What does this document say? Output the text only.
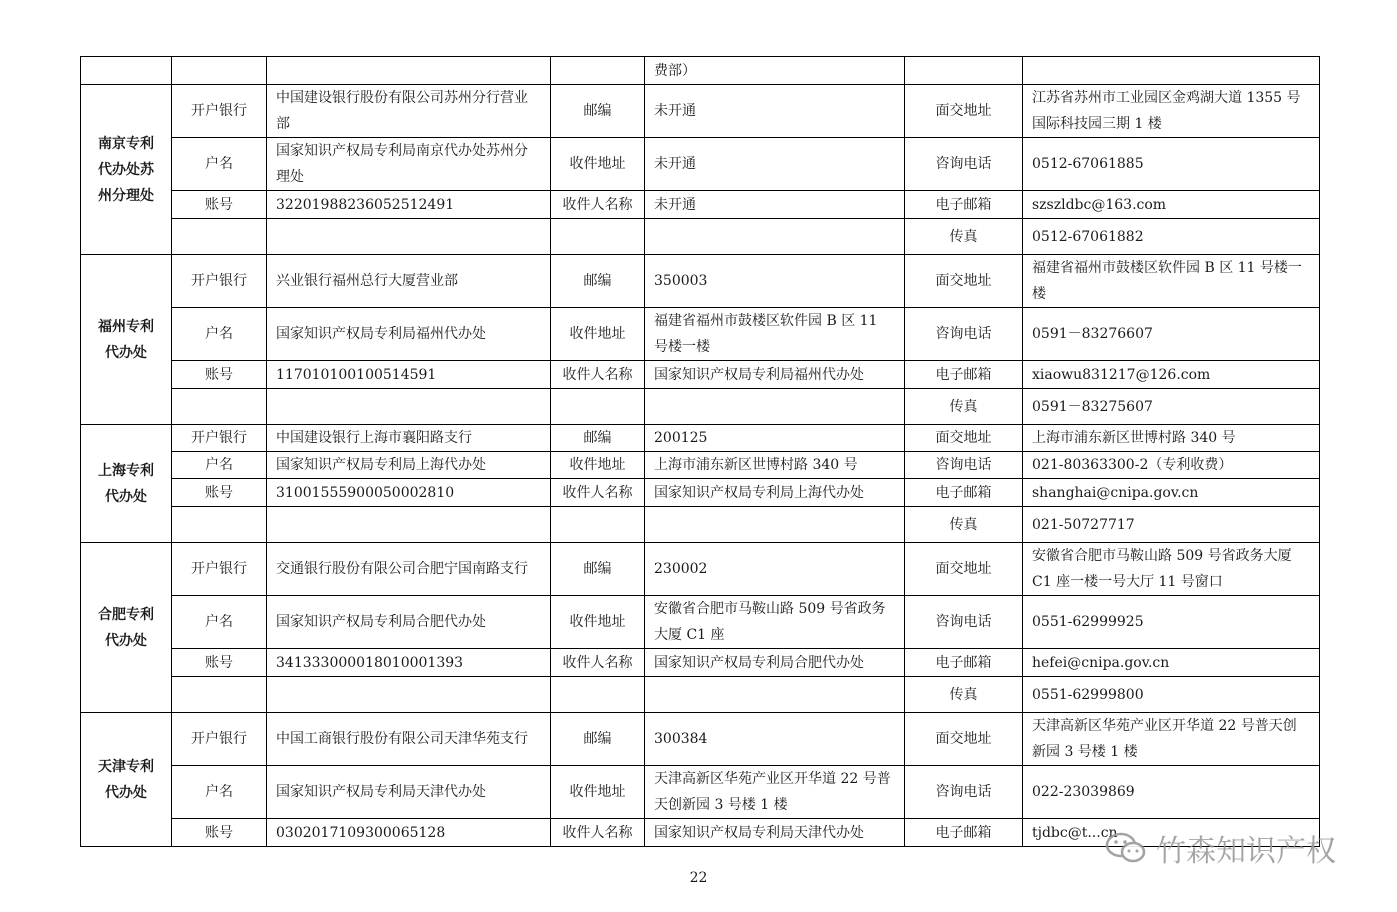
				费部）		
南京专利
代办处苏
州分理处	开户银行	中国建设银行股份有限公司苏州分行营业部	邮编	未开通	面交地址	江苏省苏州市工业园区金鸡湖大道 1355 号国际科技园三期 1 楼
	户名	国家知识产权局专利局南京代办处苏州分理处	收件地址	未开通	咨询电话	0512-67061885
	账号	32201988236052512491	收件人名称	未开通	电子邮箱	szszldbc@163.com
					传真	0512-67061882
福州专利
代办处	开户银行	兴业银行福州总行大厦营业部	邮编	350003	面交地址	福建省福州市鼓楼区软件园 B 区 11 号楼一楼
	户名	国家知识产权局专利局福州代办处	收件地址	福建省福州市鼓楼区软件园 B 区 11 号楼一楼	咨询电话	0591－83276607
	账号	117010100100514591	收件人名称	国家知识产权局专利局福州代办处	电子邮箱	xiaowu831217@126.com
					传真	0591－83275607
上海专利
代办处	开户银行	中国建设银行上海市襄阳路支行	邮编	200125	面交地址	上海市浦东新区世博村路 340 号
	户名	国家知识产权局专利局上海代办处	收件地址	上海市浦东新区世博村路 340 号	咨询电话	021-80363300-2（专利收费）
	账号	31001555900050002810	收件人名称	国家知识产权局专利局上海代办处	电子邮箱	shanghai@cnipa.gov.cn
					传真	021-50727717
合肥专利
代办处	开户银行	交通银行股份有限公司合肥宁国南路支行	邮编	230002	面交地址	安徽省合肥市马鞍山路 509 号省政务大厦 C1 座一楼一号大厅 11 号窗口
	户名	国家知识产权局专利局合肥代办处	收件地址	安徽省合肥市马鞍山路 509 号省政务大厦 C1 座	咨询电话	0551-62999925
	账号	341333000018010001393	收件人名称	国家知识产权局专利局合肥代办处	电子邮箱	hefei@cnipa.gov.cn
					传真	0551-62999800
天津专利
代办处	开户银行	中国工商银行股份有限公司天津华苑支行	邮编	300384	面交地址	天津高新区华苑产业区开华道 22 号普天创新园 3 号楼 1 楼
	户名	国家知识产权局专利局天津代办处	收件地址	天津高新区华苑产业区开华道 22 号普天创新园 3 号楼 1 楼	咨询电话	022-23039869
	账号	0302017109300065128	收件人名称	国家知识产权局专利局天津代办处	电子邮箱	tjdbc@t...cn
22
竹森知识产权
